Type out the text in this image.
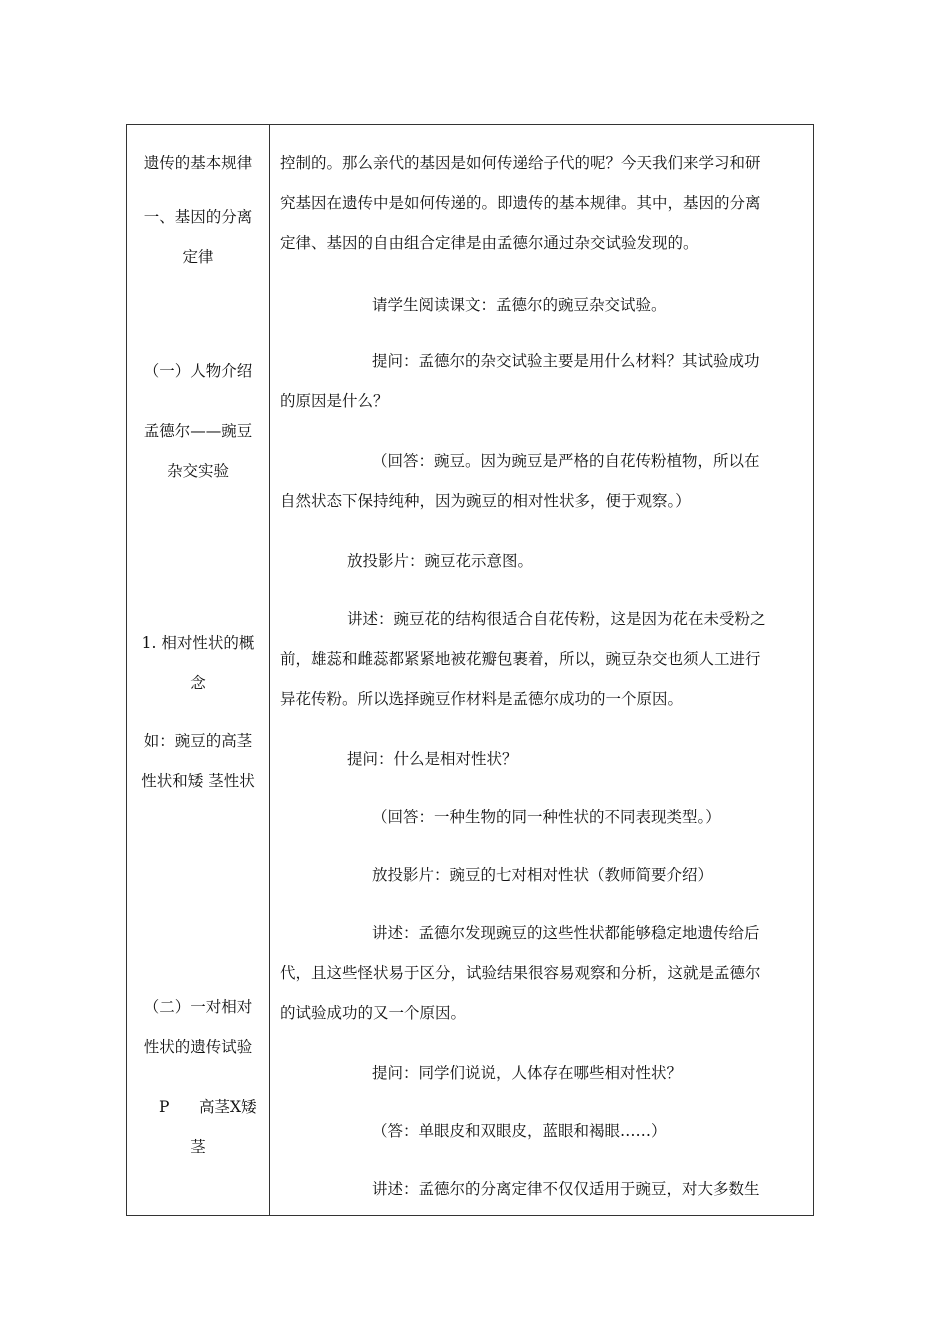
遗传的基本规律
一、基因的分离
定律
（一）人物介绍
孟德尔——豌豆
杂交实验
1. 相对性状的概
念
如：豌豆的高茎
性状和矮 茎性状
（二）一对相对
性状的遗传试验
P      高茎X矮
茎
控制的。那么亲代的基因是如何传递给子代的呢？今天我们来学习和研
究基因在遗传中是如何传递的。即遗传的基本规律。其中，基因的分离
定律、基因的自由组合定律是由孟德尔通过杂交试验发现的。
请学生阅读课文：孟德尔的豌豆杂交试验。
提问：孟德尔的杂交试验主要是用什么材料？其试验成功
的原因是什么？
（回答：豌豆。因为豌豆是严格的自花传粉植物，所以在
自然状态下保持纯种，因为豌豆的相对性状多，便于观察。）
放投影片：豌豆花示意图。
讲述：豌豆花的结构很适合自花传粉，这是因为花在未受粉之
前，雄蕊和雌蕊都紧紧地被花瓣包裹着，所以，豌豆杂交也须人工进行
异花传粉。所以选择豌豆作材料是孟德尔成功的一个原因。
提问：什么是相对性状？
（回答：一种生物的同一种性状的不同表现类型。）
放投影片：豌豆的七对相对性状（教师简要介绍）
讲述：孟德尔发现豌豆的这些性状都能够稳定地遗传给后
代，且这些怪状易于区分，试验结果很容易观察和分析，这就是孟德尔
的试验成功的又一个原因。
提问：同学们说说，人体存在哪些相对性状？
（答：单眼皮和双眼皮，蓝眼和褐眼……）
讲述：孟德尔的分离定律不仅仅适用于豌豆，对大多数生
